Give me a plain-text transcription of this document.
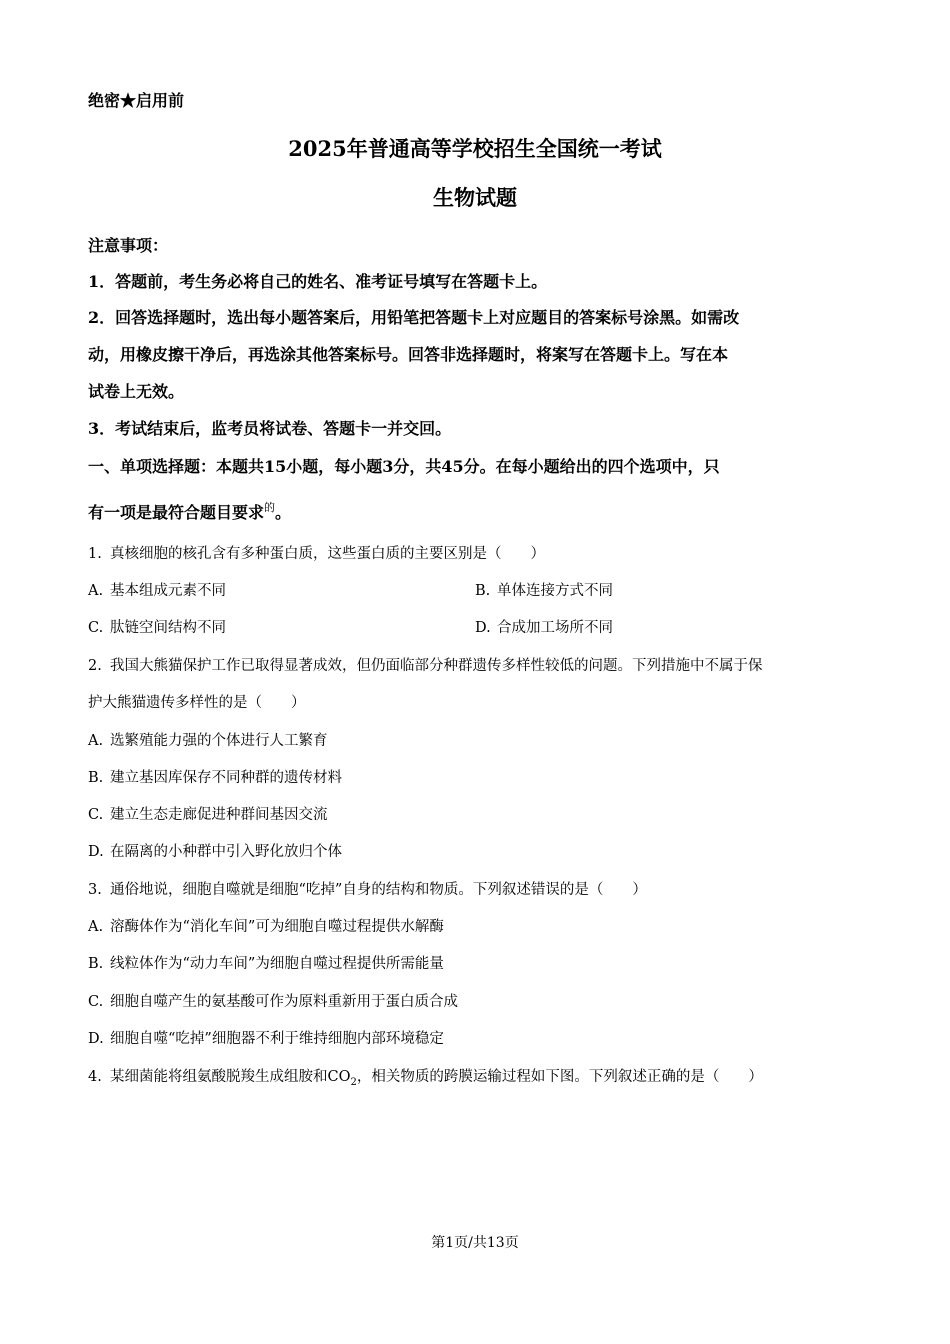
绝密★启用前
2025年普通高等学校招生全国统一考试
生物试题
注意事项：
1．答题前，考生务必将自己的姓名、准考证号填写在答题卡上。
2．回答选择题时，选出每小题答案后，用铅笔把答题卡上对应题目的答案标号涂黑。如需改
动，用橡皮擦干净后，再选涂其他答案标号。回答非选择题时，将案写在答题卡上。写在本
试卷上无效。
3．考试结束后，监考员将试卷、答题卡一并交回。
一、单项选择题：本题共15小题，每小题3分，共45分。在每小题给出的四个选项中，只
有一项是最符合题目要求$^的$。
1. 真核细胞的核孔含有多种蛋白质，这些蛋白质的主要区别是（　　）
A. 基本组成元素不同	B. 单体连接方式不同
C. 肽链空间结构不同	D. 合成加工场所不同
2. 我国大熊猫保护工作已取得显著成效，但仍面临部分种群遗传多样性较低的问题。下列措施中不属于保
护大熊猫遗传多样性的是（　　）
A. 选繁殖能力强的个体进行人工繁育
B. 建立基因库保存不同种群的遗传材料
C. 建立生态走廊促进种群间基因交流
D. 在隔离的小种群中引入野化放归个体
3. 通俗地说，细胞自噬就是细胞“吃掉”自身的结构和物质。下列叙述错误的是（　　）
A. 溶酶体作为“消化车间”可为细胞自噬过程提供水解酶
B. 线粒体作为“动力车间”为细胞自噬过程提供所需能量
C. 细胞自噬产生的氨基酸可作为原料重新用于蛋白质合成
D. 细胞自噬“吃掉”细胞器不利于维持细胞内部环境稳定
4. 某细菌能将组氨酸脱羧生成组胺和$CO_2$，相关物质的跨膜运输过程如下图。下列叙述正确的是（　　）
第1页/共13页
